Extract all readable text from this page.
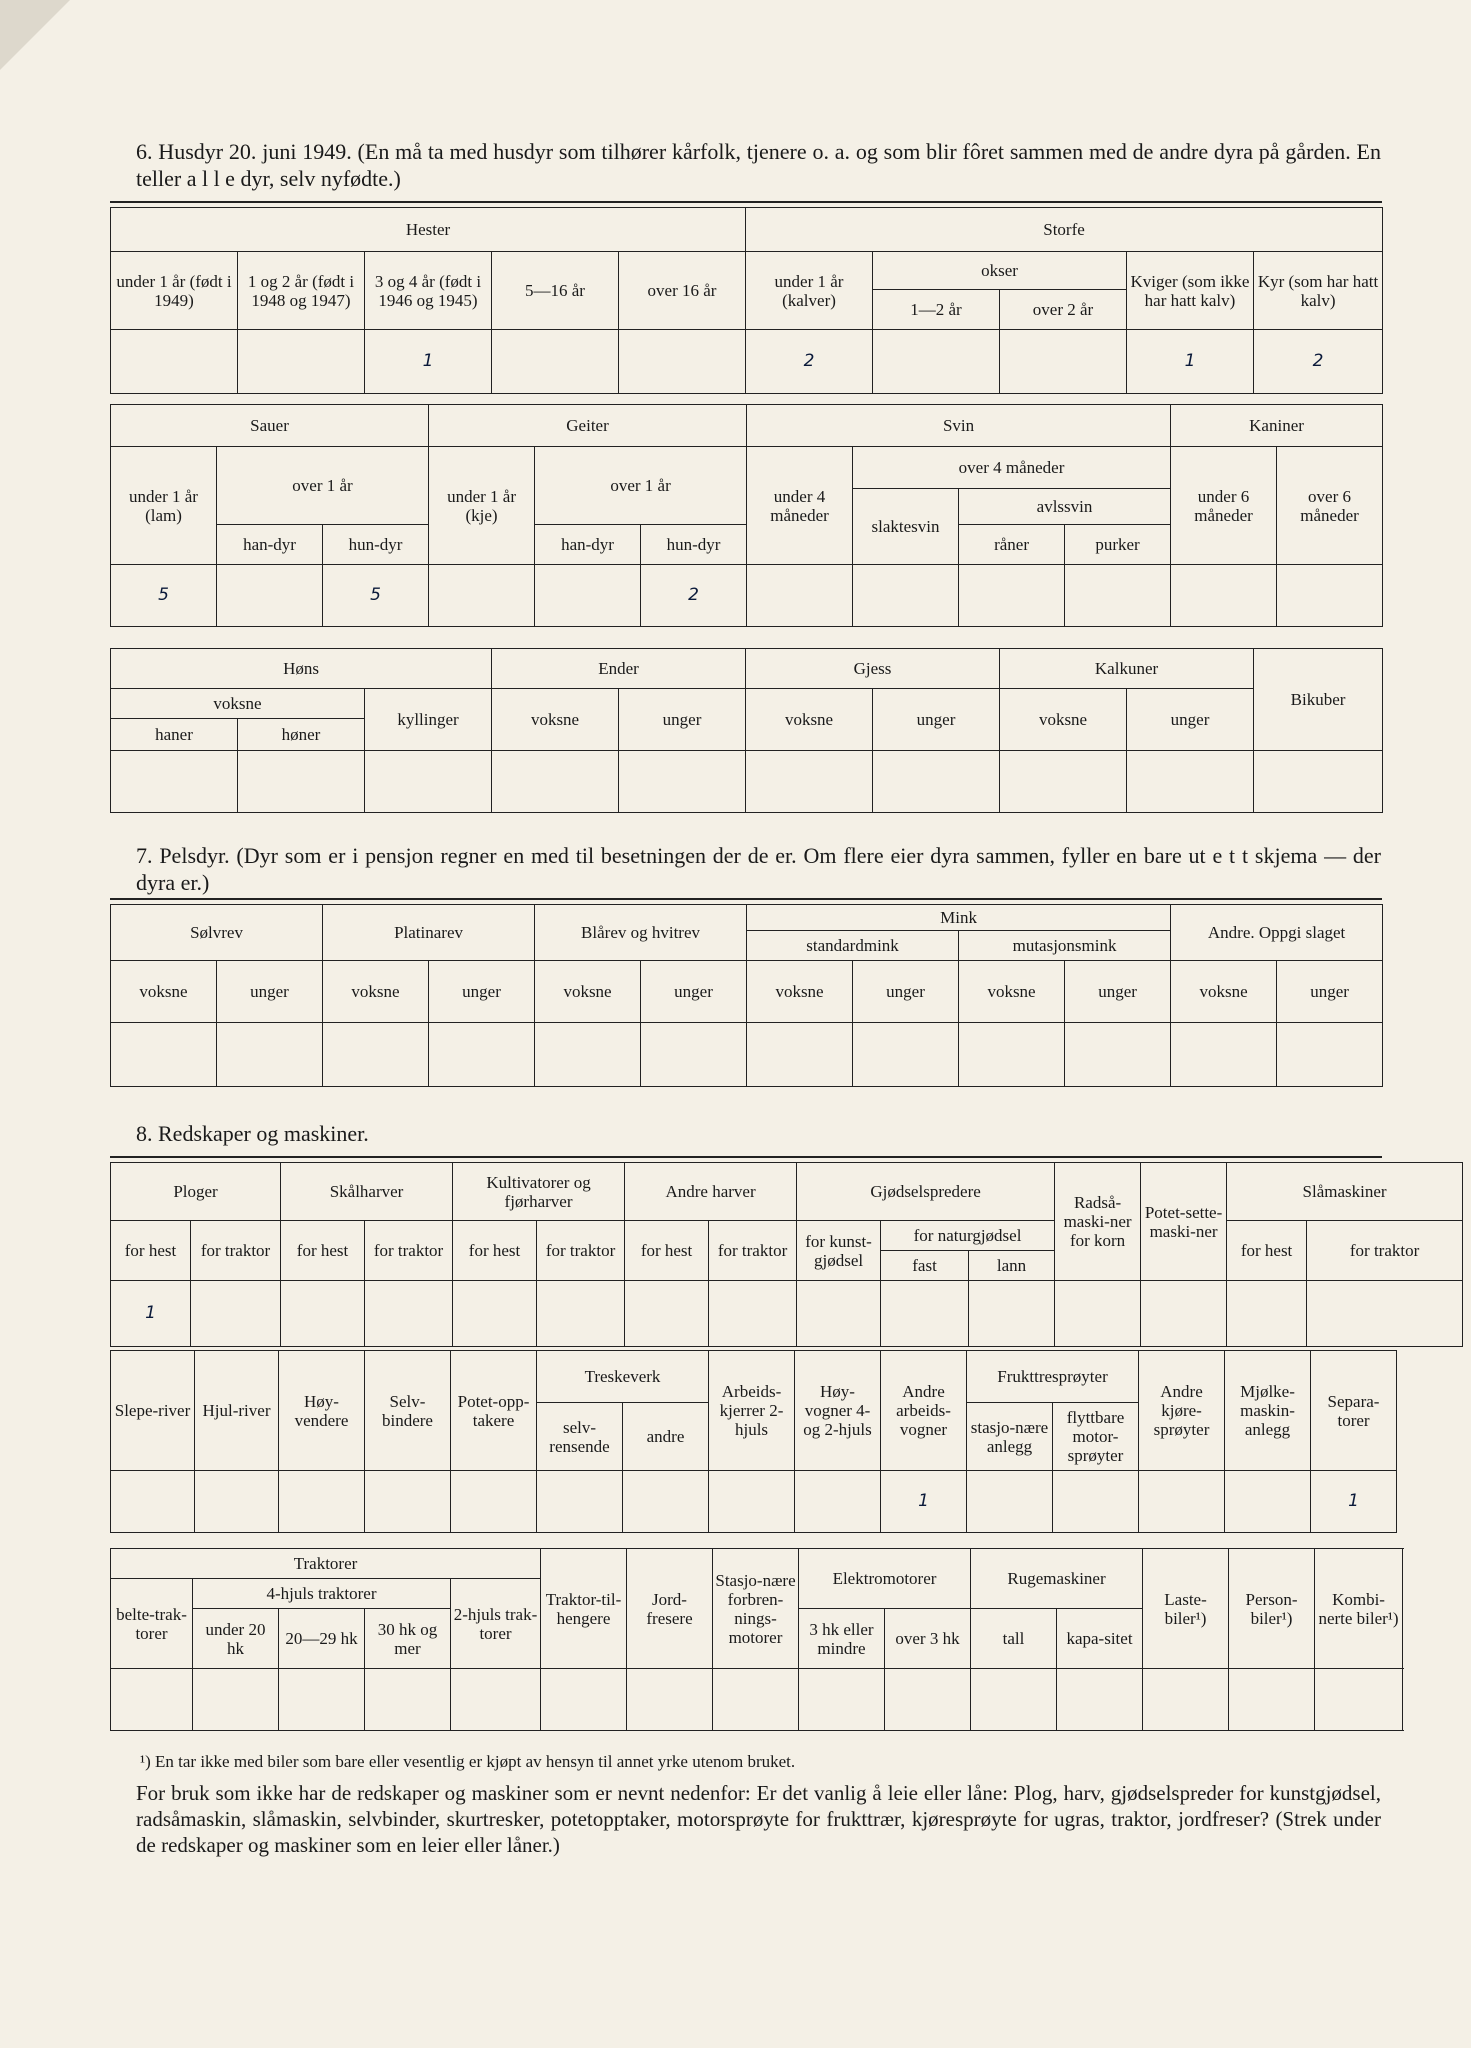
6. Husdyr 20. juni 1949. (En må ta med husdyr som tilhører kårfolk, tjenere o. a. og som blir fôret sammen med de andre dyra på gården. En teller a l l e dyr, selv nyfødte.)
Hester					Storfe				
under 1 år (født i 1949)	1 og 2 år (født i 1948 og 1947)	3 og 4 år (født i 1946 og 1945)	5—16 år	over 16 år	under 1 år (kalver)	okser		Kviger (som ikke har hatt kalv)	Kyr (som har hatt kalv)
						1—2 år	over 2 år		
		1			2			1	2
Sauer			Geiter			Svin				Kaniner	
under 1 år (lam)	over 1 år		under 1 år (kje)	over 1 år		under 4 måneder	over 4 måneder			under 6 måneder	over 6 måneder
							slaktesvin	avlssvin			
	han-dyr	hun-dyr		han-dyr	hun-dyr			råner	purker		
5		5			2						
Høns			Ender		Gjess		Kalkuner		Bikuber
voksne		kyllinger	voksne	unger	voksne	unger	voksne	unger	
haner	høner								

7. Pelsdyr. (Dyr som er i pensjon regner en med til besetningen der de er. Om flere eier dyra sammen, fyller en bare ut e t t skjema — der dyra er.)
Sølvrev		Platinarev		Blårev og hvitrev		Mink				Andre. Oppgi slaget	
						standardmink		mutasjonsmink			
voksne	unger	voksne	unger	voksne	unger	voksne	unger	voksne	unger	voksne	unger

8. Redskaper og maskiner.
Ploger		Skålharver		Kultivatorer og fjørharver		Andre harver		Gjødselspredere			Radså-maski-ner for korn	Potet-sette-maski-ner	Slåmaskiner	
for hest	for traktor	for hest	for traktor	for hest	for traktor	for hest	for traktor	for kunst-gjødsel	for naturgjødsel				for hest	for traktor
									fast	lann				
1														
Slepe-river	Hjul-river	Høy-vendere	Selv-bindere	Potet-opp-takere	Treskeverk		Arbeids-kjerrer 2-hjuls	Høy-vogner 4- og 2-hjuls	Andre arbeids-vogner	Frukttresprøyter		Andre kjøre-sprøyter	Mjølke-maskin-anlegg	Separa-torer
					selv-rensende	andre				stasjo-nære anlegg	flyttbare motor-sprøyter			
									1					1
Traktorer					Traktor-til-hengere	Jord-fresere	Stasjo-nære forbren-nings-motorer	Elektromotorer		Rugemaskiner		Laste-biler¹)	Person-biler¹)	Kombi-nerte biler¹)
belte-trak-torer	4-hjuls traktorer			2-hjuls trak-torer										
	under 20 hk	20—29 hk	30 hk og mer					3 hk eller mindre	over 3 hk	tall	kapa-sitet			

¹) En tar ikke med biler som bare eller vesentlig er kjøpt av hensyn til annet yrke utenom bruket.
For bruk som ikke har de redskaper og maskiner som er nevnt nedenfor: Er det vanlig å leie eller låne: Plog, harv, gjødselspreder for kunstgjødsel, radsåmaskin, slåmaskin, selvbinder, skurtresker, potetopptaker, motorsprøyte for frukttrær, kjøresprøyte for ugras, traktor, jordfreser? (Strek under de redskaper og maskiner som en leier eller låner.)
